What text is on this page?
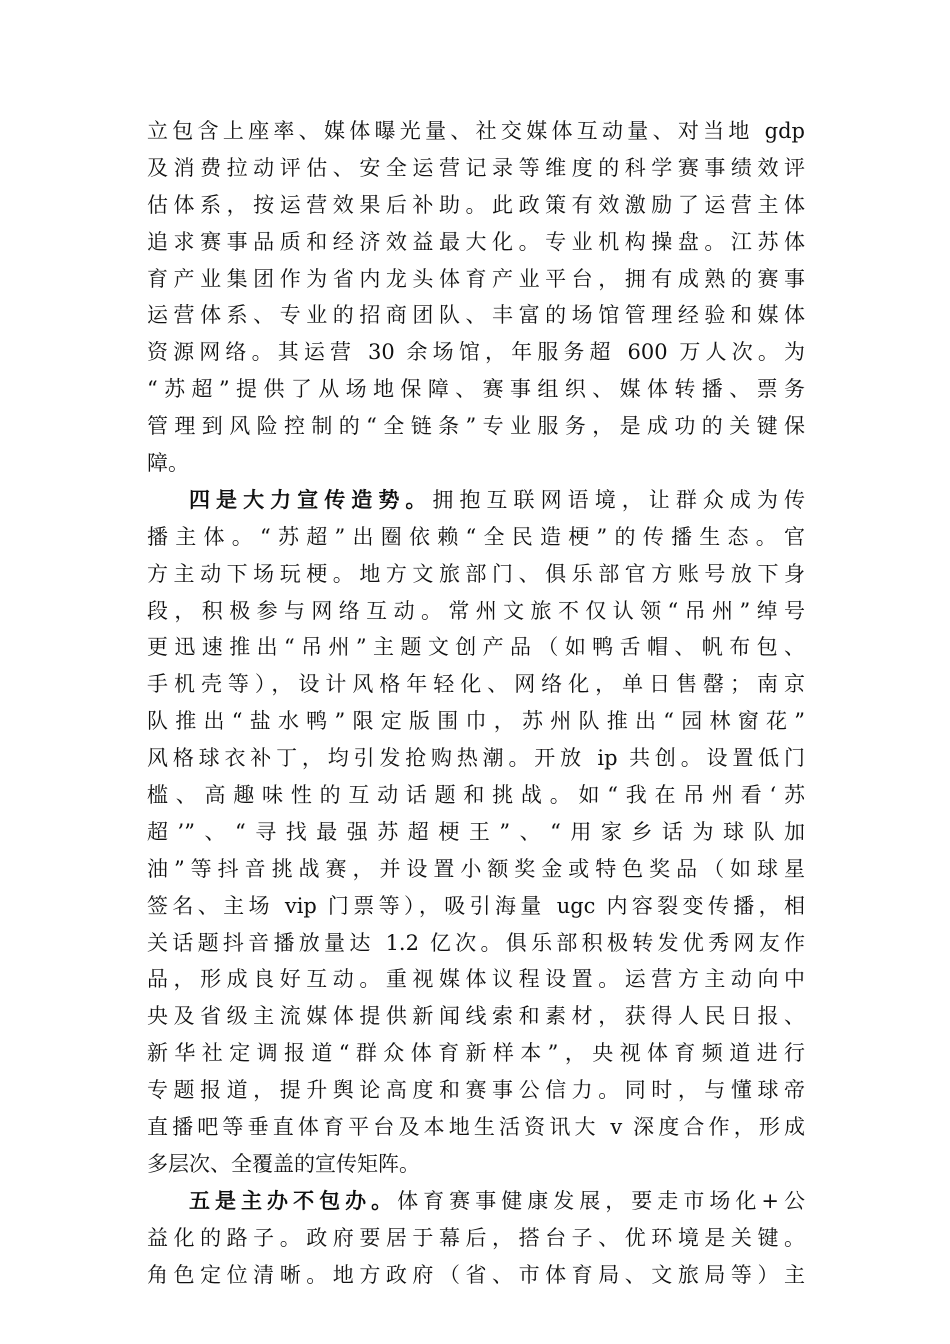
立包含上座率、媒体曝光量、社交媒体互动量、对当地 gdp
及消费拉动评估、安全运营记录等维度的科学赛事绩效评
估体系，按运营效果后补助。此政策有效激励了运营主体
追求赛事品质和经济效益最大化。专业机构操盘。江苏体
育产业集团作为省内龙头体育产业平台，拥有成熟的赛事
运营体系、专业的招商团队、丰富的场馆管理经验和媒体
资源网络。其运营 30 余场馆，年服务超 600 万人次。为
“苏超”提供了从场地保障、赛事组织、媒体转播、票务
管理到风险控制的“全链条”专业服务，是成功的关键保
障。
四是大力宣传造势。拥抱互联网语境，让群众成为传
播主体。“苏超”出圈依赖“全民造梗”的传播生态。官
方主动下场玩梗。地方文旅部门、俱乐部官方账号放下身
段，积极参与网络互动。常州文旅不仅认领“吊州”绰号
更迅速推出“吊州”主题文创产品（如鸭舌帽、帆布包、
手机壳等），设计风格年轻化、网络化，单日售罄；南京
队推出“盐水鸭”限定版围巾，苏州队推出“园林窗花”
风格球衣补丁，均引发抢购热潮。开放 ip 共创。设置低门
槛、高趣味性的互动话题和挑战。如“我在吊州看‘苏
超’”、“寻找最强苏超梗王”、“用家乡话为球队加
油”等抖音挑战赛，并设置小额奖金或特色奖品（如球星
签名、主场 vip 门票等），吸引海量 ugc 内容裂变传播，相
关话题抖音播放量达 1.2 亿次。俱乐部积极转发优秀网友作
品，形成良好互动。重视媒体议程设置。运营方主动向中
央及省级主流媒体提供新闻线索和素材，获得人民日报、
新华社定调报道“群众体育新样本”，央视体育频道进行
专题报道，提升舆论高度和赛事公信力。同时，与懂球帝
直播吧等垂直体育平台及本地生活资讯大 v 深度合作，形成
多层次、全覆盖的宣传矩阵。
五是主办不包办。体育赛事健康发展，要走市场化+公
益化的路子。政府要居于幕后，搭台子、优环境是关键。
角色定位清晰。地方政府（省、市体育局、文旅局等）主
